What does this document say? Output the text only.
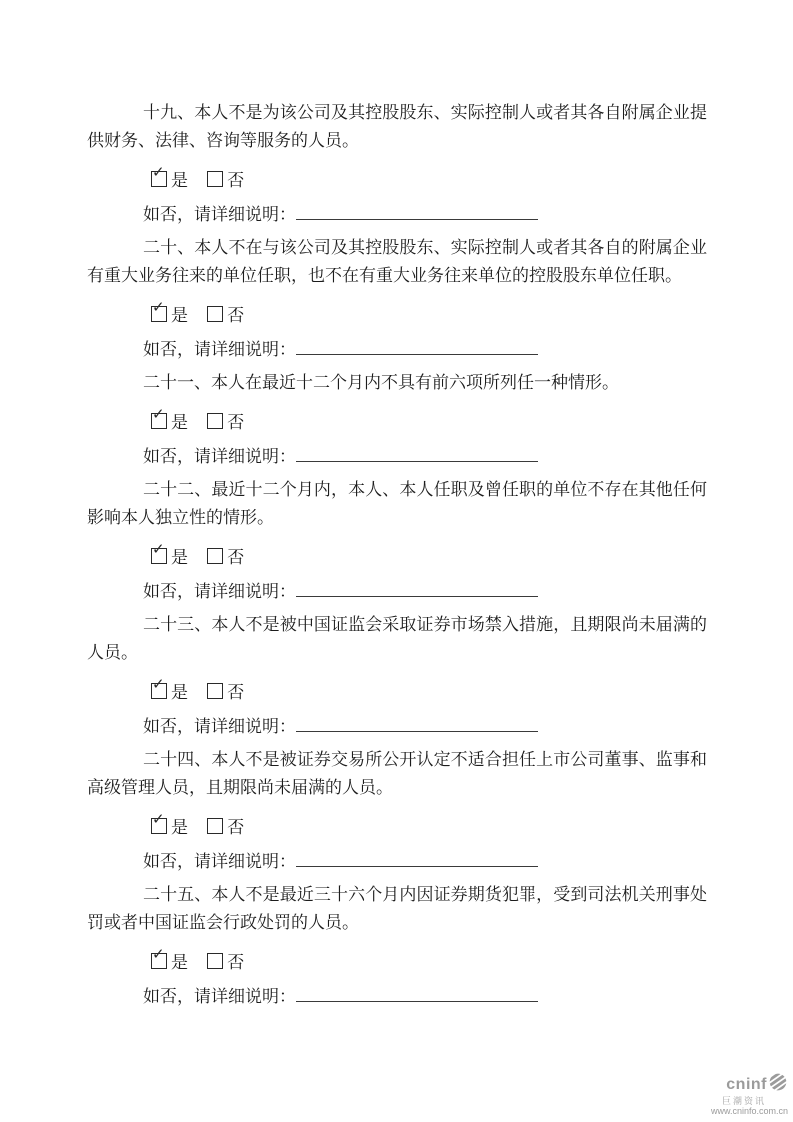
十九、本人不是为该公司及其控股股东、实际控制人或者其各自附属企业提供财务、法律、咨询等服务的人员。

✓ 是 否

如否，请详细说明：

二十、本人不在与该公司及其控股股东、实际控制人或者其各自的附属企业有重大业务往来的单位任职，也不在有重大业务往来单位的控股股东单位任职。

✓ 是 否

如否，请详细说明：

二十一、本人在最近十二个月内不具有前六项所列任一种情形。

✓ 是 否

如否，请详细说明：

二十二、最近十二个月内，本人、本人任职及曾任职的单位不存在其他任何影响本人独立性的情形。

✓ 是 否

如否，请详细说明：

二十三、本人不是被中国证监会采取证券市场禁入措施，且期限尚未届满的人员。

✓ 是 否

如否，请详细说明：

二十四、本人不是被证券交易所公开认定不适合担任上市公司董事、监事和高级管理人员，且期限尚未届满的人员。

✓ 是 否

如否，请详细说明：

二十五、本人不是最近三十六个月内因证券期货犯罪，受到司法机关刑事处罚或者中国证监会行政处罚的人员。

✓ 是 否

如否，请详细说明：

cninf
巨潮资讯
www.cninfo.com.cn
